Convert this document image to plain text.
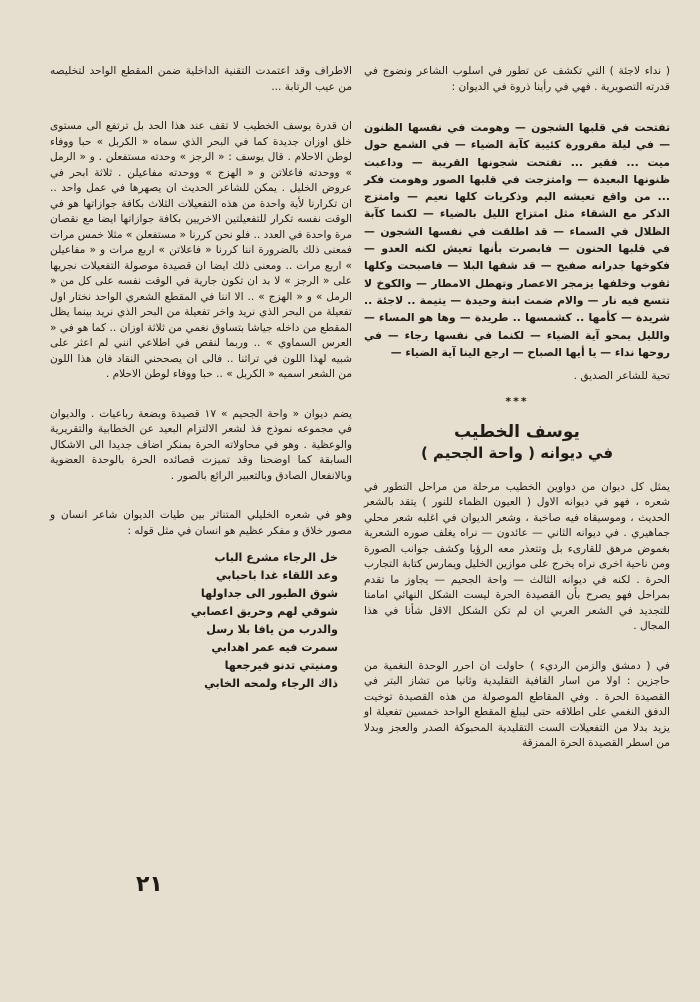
( نداء لاجئة ) التي تكشف عن تطور في اسلوب الشاعر ونضوج في قدرته التصويرية . فهي في رأينا ذروة في الديوان :

تفتحت في قلبها الشجون — وهومت في نفسها الظنون — في ليلة مقرورة كئيبة كآبة الضياء — في الشمع حول ميت ... فقير ... تفتحت شجونها القريبة — وداعبت ظنونها البعيدة — وامتزجت في قلبها الصور وهومت فكر ... من واقع تعيشه اليم وذكريات كلها نعيم — وامتزج الذكر مع الشقاء مثل امتزاج الليل بالضياء — لكنما كآبة الظلال في السماء — قد اطلقت في نفسها الشجون — في قلبها الحنون — فابصرت بأنها تعيش لكنه العدو — فكوخها جدرانه صفيح — قد شفها البلا — فاصبحت وكلها ثقوب وخلفها يزمجر الاعصار وتهطل الامطار — والكوخ لا تتسع فيه نار — والام ضمت ابنة وحيدة — يتيمة .. لاجئة .. شريدة — كأمها .. كشمسها .. طريدة — وها هو المساء — والليل يمحو آية الضياء — لكنما في نفسها رجاء — في روحها نداء — يا أيها الصباح — ارجع الينا آية الضياء —

تحية للشاعر الصديق .

***
يوسف الخطيب
في ديوانه ( واحة الجحيم )

يمثل كل ديوان من دواوين الخطيب مرحلة من مراحل التطور في شعره ، فهو في ديوانه الاول ( العيون الظماء للنور ) يتقد بالشعر الحديث ، وموسيقاه فيه صاخبة ، وشعر الديوان في اغلبه شعر محلي جماهيري . في ديوانه الثاني — عائدون — نراه يغلف صوره الشعرية بغموض مرهق للقارىء بل وتتعذر معه الرؤيا وكشف جوانب الصورة ومن ناحية اخرى نراه يخرج على موازين الخليل ويمارس كتابة التجارب الحرة . لكنه في ديوانه الثالث — واحة الجحيم — يجاوز ما تقدم بمراحل فهو يصرح بأن القصيدة الحرة ليست الشكل النهائي امامنا للتجديد في الشعر العربي ان لم تكن الشكل الاقل شأنا في هذا المجال .

في ( دمشق والزمن الرديء ) حاولت ان احرر الوحدة النغمية من حاجزين : اولا من اسار القافية التقليدية وثانيا من تشاز البتر في القصيدة الحرة . وفي المقاطع الموصولة من هذه القصيدة توخيت الدفق النغمي على اطلاقه حتى ليبلغ المقطع الواحد خمسين تفعيلة او يزيد بدلا من التفعيلات الست التقليدية المحبوكة الصدر والعجز وبدلا من اسطر القصيدة الحرة الممزقة

الاطراف وقد اعتمدت التقنية الداخلية ضمن المقطع الواحد لتخليصه من عيب الرتابة ...

ان قدرة يوسف الخطيب لا تقف عند هذا الحد بل ترتفع الى مستوى خلق اوزان جديدة كما في البحر الذي سماه « الكربل » حبا ووفاء لوطن الاحلام . قال يوسف : « الرجز » وحدته مستفعلن . و « الرمل » ووحدته فاعلاتن و « الهزج » ووحدته مفاعيلن . ثلاثة ابحر في عروض الخليل . يمكن للشاعر الحديث ان يصهرها في عمل واحد .. ان تكرارنا لأية واحدة من هذه التفعيلات الثلاث بكافة جوازاتها هو في الوقت نفسه تكرار للتفعيلتين الاخريين بكافة جوازاتها ايضا مع نقصان مرة واحدة في العدد .. فلو نحن كررنا « مستفعلن » مثلا خمس مرات فمعنى ذلك بالضرورة اننا كررنا « فاعلاتن » اربع مرات و « مفاعيلن » اربع مرات .. ومعنى ذلك ايضا ان قصيدة موصولة التفعيلات نجريها على « الرجز » لا بد ان تكون جارية في الوقت نفسه على كل من « الرمل » و « الهزج » .. الا اننا في المقطع الشعري الواحد نختار اول تفعيلة من البحر الذي نريد واخر تفعيلة من البحر الذي نريد بينما يظل المقطع من داخله جياشا بتساوق نغمي من ثلاثة اوزان .. كما هو في « العرس السماوي » .. وربما لنقص في اطلاعي انني لم اعثر على شبيه لهذا اللون في تراثنا .. فالى ان يصححني النقاد فان هذا اللون من الشعر اسميه « الكربل » .. حبا ووفاء لوطن الاحلام .

يضم ديوان « واحة الجحيم » ١٧ قصيدة وبضعة رباعيات . والديوان في مجموعه نموذج فذ لشعر الالتزام البعيد عن الخطابية والتقريرية والوعظية . وهو في محاولاته الحرة بمنكر اضاف جديدا الى الاشكال السابقة كما اوضحنا وقد تميزت قصائده الحرة بالوحدة العضوية وبالانفعال الصادق وبالتعبير الرائع بالصور .

وهو في شعره الخليلي المتناثر بين طيات الديوان شاعر انسان و مصور خلاق و مفكر عظيم هو انسان في مثل قوله :

خل الرجاء مشرع الباب
وعد اللقاء غدا باحبابي
شوق الطيور الى جداولها
شوقي لهم وحريق اعصابي
والدرب من يافا بلا رسل
سمرت فيه عمر اهدابي
ومنيتي تدنو فيرجعها
ذاك الرجاء ولمحه الخابي
٢١
